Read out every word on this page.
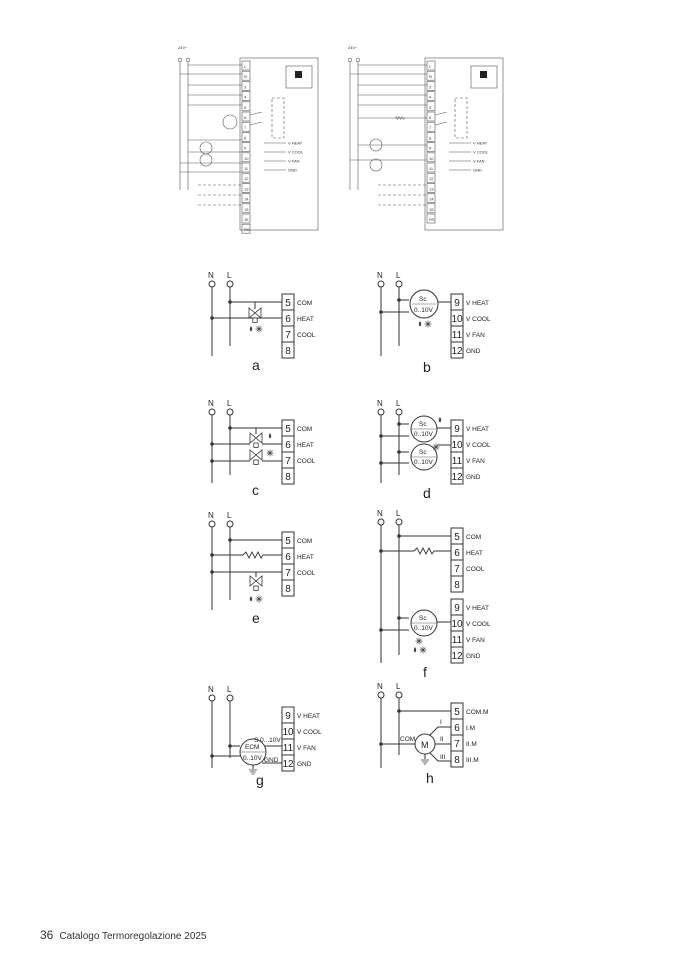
24V~
L
N
3
4
5
6
7
8
9
10
11
12
13
14
15
16
RS
V HEAT
V COOL
V FAN
GND
24V~
L
N
3
4
5
6
7
8
9
10
11
12
13
14
15
RS
V HEAT
V COOL
V FAN
GND
N L
5 COM
6 HEAT
7 COOL
8
a
N L
Sc
0..10V
9 V HEAT
10 V COOL
11 V FAN
12 GND
b
N L
5 COM
6 HEAT
7 COOL
8
c
N L
Sc
0..10V
Sc
0..10V
9 V HEAT
10 V COOL
11 V FAN
12 GND
d
N L
5 COM
6 HEAT
7 COOL
8
e
N L
Sc
0..10V
5 COM
6 HEAT
7 COOL
8
9 V HEAT
10 V COOL
11 V FAN
12 GND
f
N L
ECM
0..10V
S 0...10V
GND
9 V HEAT
10 V COOL
11 V FAN
12 GND
g
N L
COM
M
I
II
III
5 COM.M
6 I.M
7 II.M
8 III.M
h
36 Catalogo Termoregolazione 2025
